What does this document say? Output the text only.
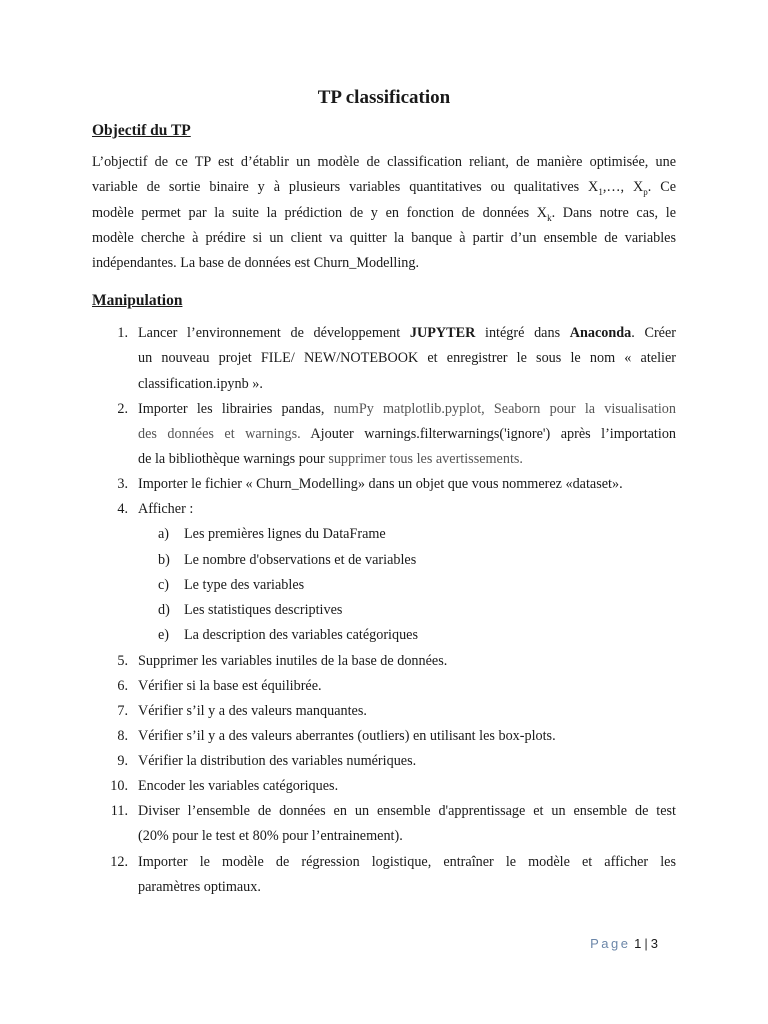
TP classification
Objectif du TP
L’objectif de ce TP est d’établir un modèle de classification reliant, de manière optimisée, une
variable de sortie binaire y à plusieurs variables quantitatives ou qualitatives $X_1,\dots$, $X_p$. Ce
modèle permet par la suite la prédiction de y en fonction de données $X_k$. Dans notre cas, le
modèle cherche à prédire si un client va quitter la banque à partir d’un ensemble de variables
indépendantes. La base de données est Churn_Modelling.
Manipulation
1. Lancer l’environnement de développement JUPYTER intégré dans Anaconda. Créer
un nouveau projet FILE/ NEW/NOTEBOOK et enregistrer le sous le nom « atelier
classification.ipynb ».
2. Importer les librairies pandas, numPy matplotlib.pyplot, Seaborn pour la visualisation
des données et warnings. Ajouter warnings.filterwarnings('ignore') après l’importation
de la bibliothèque warnings pour supprimer tous les avertissements.
3. Importer le fichier « Churn_Modelling» dans un objet que vous nommerez «dataset».
4. Afficher :
a)	Les premières lignes du DataFrame
b) Le nombre d'observations et de variables
c)	Le type des variables
d) Les statistiques descriptives
e)	La description des variables catégoriques
5. Supprimer les variables inutiles de la base de données.
6. Vérifier si la base est équilibrée.
7. Vérifier s’il y a des valeurs manquantes.
8. Vérifier s’il y a des valeurs aberrantes (outliers) en utilisant les box-plots.
9. Vérifier la distribution des variables numériques.
10. Encoder les variables catégoriques.
11. Diviser l’ensemble de données en un ensemble d'apprentissage et un ensemble de test
(20% pour le test et 80% pour l’entrainement).
12. Importer le modèle de régression logistique, entraîner le modèle et afficher les
paramètres optimaux.
Page 1 | 3
